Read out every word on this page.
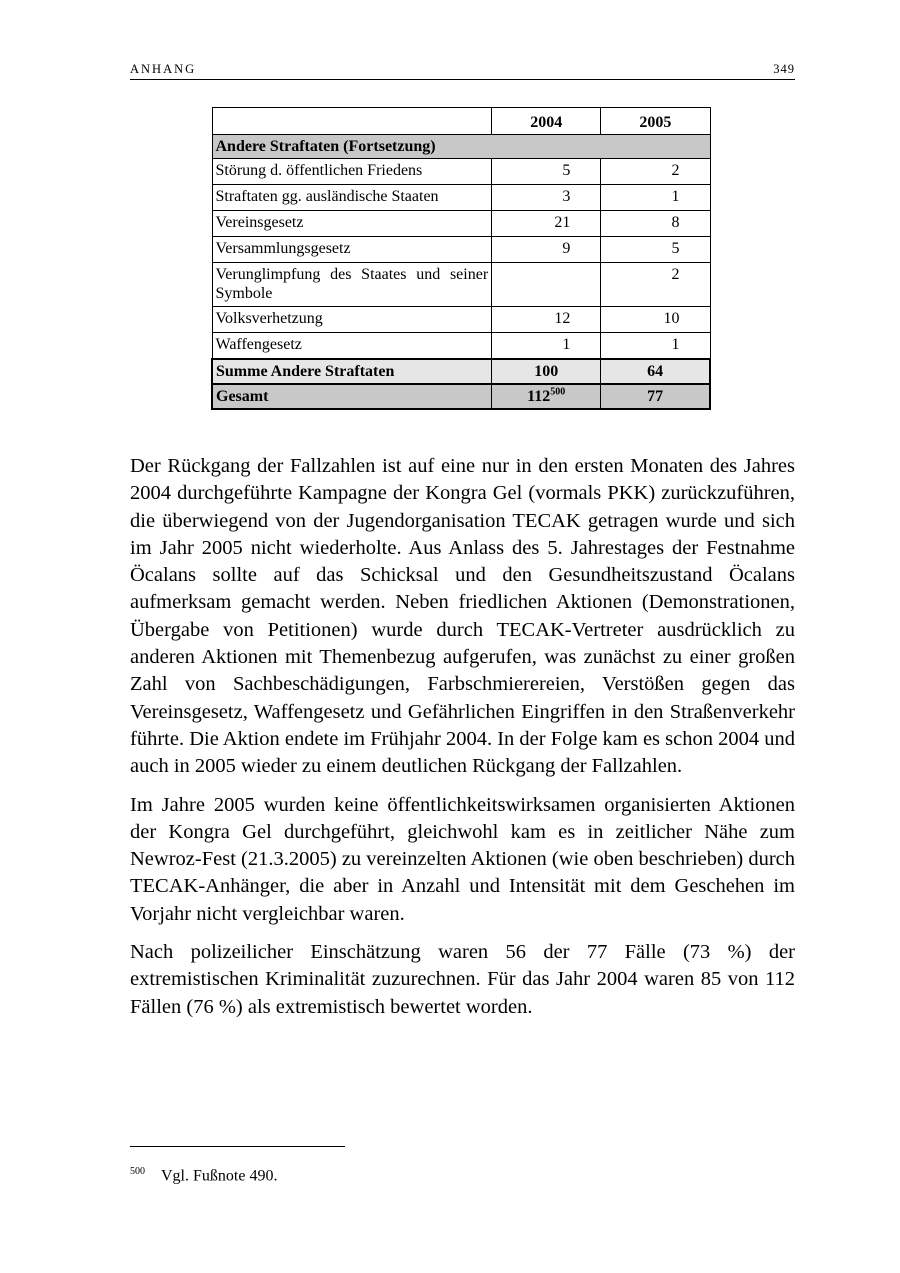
ANHANG	349
	2004	2005
Andere Straftaten (Fortsetzung)		
Störung d. öffentlichen Friedens	5	2
Straftaten gg. ausländische Staaten	3	1
Vereinsgesetz	21	8
Versammlungsgesetz	9	5
Verunglimpfung des Staates und seiner Symbole		2
Volksverhetzung	12	10
Waffengesetz	1	1
Summe Andere Straftaten	100	64
Gesamt	112$^{500}$	77

Der Rückgang der Fallzahlen ist auf eine nur in den ersten Monaten des Jahres 2004 durchgeführte Kampagne der Kongra Gel (vormals PKK) zurückzuführen, die überwiegend von der Jugendorganisation TECAK getragen wurde und sich im Jahr 2005 nicht wiederholte. Aus Anlass des 5. Jahrestages der Festnahme Öcalans sollte auf das Schicksal und den Gesundheitszustand Öcalans aufmerksam gemacht werden. Neben friedlichen Aktionen (Demonstrationen, Übergabe von Petitionen) wurde durch TECAK-Vertreter ausdrücklich zu anderen Aktionen mit Themenbezug aufgerufen, was zunächst zu einer großen Zahl von Sachbeschädigungen, Farbschmierereien, Verstößen gegen das Vereinsgesetz, Waffengesetz und Gefährlichen Eingriffen in den Straßenverkehr führte. Die Aktion endete im Frühjahr 2004. In der Folge kam es schon 2004 und auch in 2005 wieder zu einem deutlichen Rückgang der Fallzahlen.

Im Jahre 2005 wurden keine öffentlichkeitswirksamen organisierten Aktionen der Kongra Gel durchgeführt, gleichwohl kam es in zeitlicher Nähe zum Newroz-Fest (21.3.2005) zu vereinzelten Aktionen (wie oben beschrieben) durch TECAK-Anhänger, die aber in Anzahl und Intensität mit dem Geschehen im Vorjahr nicht vergleichbar waren.

Nach polizeilicher Einschätzung waren 56 der 77 Fälle (73 %) der extremistischen Kriminalität zuzurechnen. Für das Jahr 2004 waren 85 von 112 Fällen (76 %) als extremistisch bewertet worden.

$^{500}$ Vgl. Fußnote 490.
